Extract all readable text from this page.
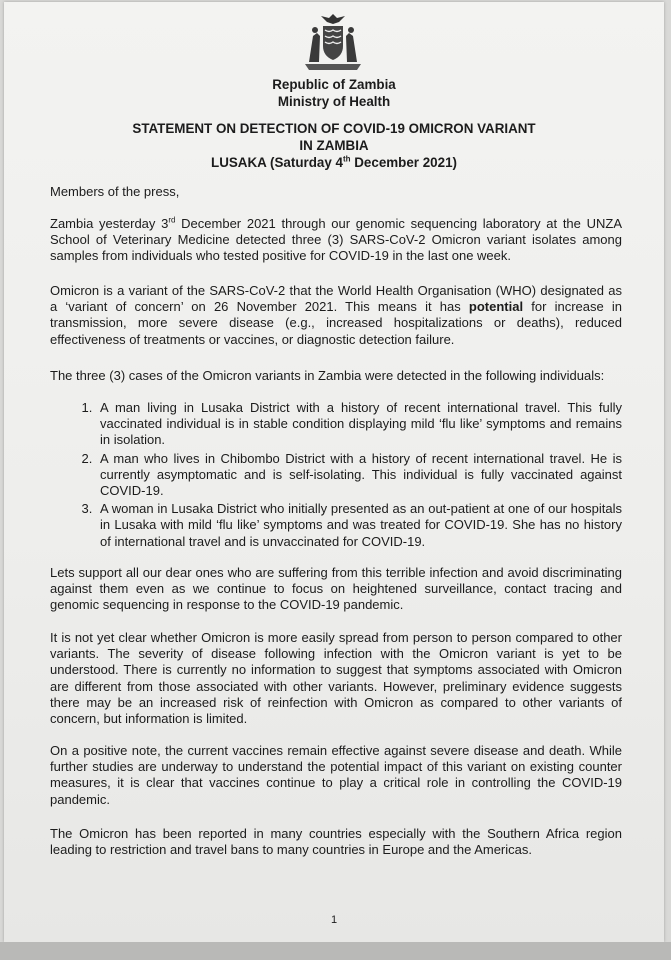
Republic of Zambia
Ministry of Health
STATEMENT ON DETECTION OF COVID-19 OMICRON VARIANT
IN ZAMBIA
LUSAKA (Saturday 4th December 2021)
Members of the press,

Zambia yesterday 3rd December 2021 through our genomic sequencing laboratory at the UNZA School of Veterinary Medicine detected three (3) SARS-CoV-2 Omicron variant isolates among samples from individuals who tested positive for COVID-19 in the last one week.

Omicron is a variant of the SARS-CoV-2 that the World Health Organisation (WHO) designated as a ‘variant of concern’ on 26 November 2021. This means it has potential for increase in transmission, more severe disease (e.g., increased hospitalizations or deaths), reduced effectiveness of treatments or vaccines, or diagnostic detection failure.

The three (3) cases of the Omicron variants in Zambia were detected in the following individuals:
1. A man living in Lusaka District with a history of recent international travel. This fully vaccinated individual is in stable condition displaying mild ‘flu like’ symptoms and remains in isolation.
2. A man who lives in Chibombo District with a history of recent international travel. He is currently asymptomatic and is self-isolating. This individual is fully vaccinated against COVID-19.
3. A woman in Lusaka District who initially presented as an out-patient at one of our hospitals in Lusaka with mild ‘flu like’ symptoms and was treated for COVID-19. She has no history of international travel and is unvaccinated for COVID-19.
Lets support all our dear ones who are suffering from this terrible infection and avoid discriminating against them even as we continue to focus on heightened surveillance, contact tracing and genomic sequencing in response to the COVID-19 pandemic.
It is not yet clear whether Omicron is more easily spread from person to person compared to other variants. The severity of disease following infection with the Omicron variant is yet to be understood. There is currently no information to suggest that symptoms associated with Omicron are different from those associated with other variants. However, preliminary evidence suggests there may be an increased risk of reinfection with Omicron as compared to other variants of concern, but information is limited.
On a positive note, the current vaccines remain effective against severe disease and death. While further studies are underway to understand the potential impact of this variant on existing counter measures, it is clear that vaccines continue to play a critical role in controlling the COVID-19 pandemic.
The Omicron has been reported in many countries especially with the Southern Africa region leading to restriction and travel bans to many countries in Europe and the Americas.
1
